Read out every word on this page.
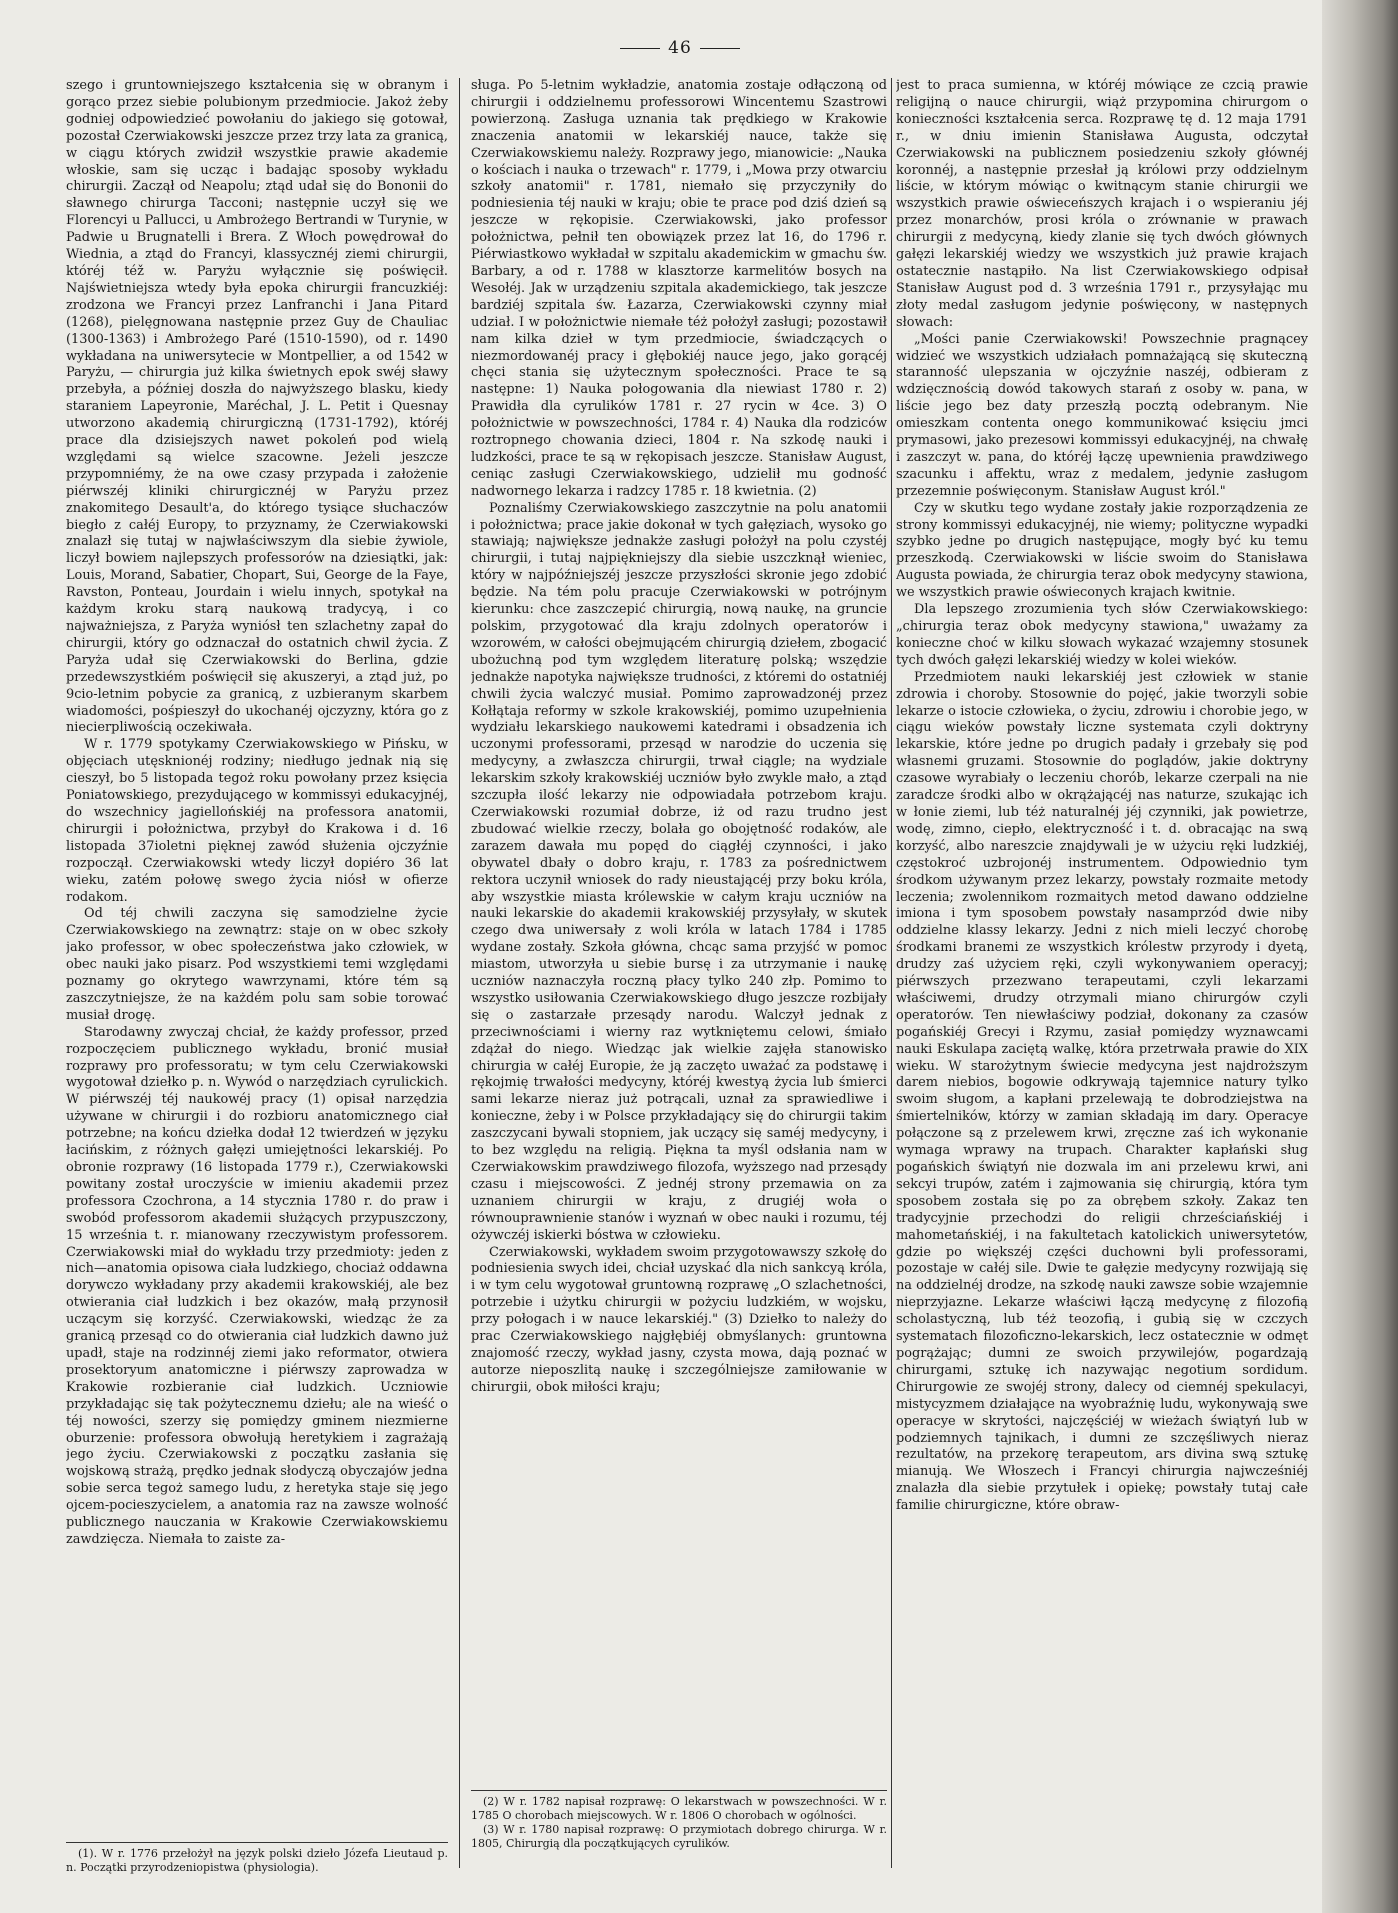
46

szego i gruntowniejszego kształcenia się w obranym i gorąco przez siebie polubionym przedmiocie. Jakoż żeby godniej odpowiedzieć powołaniu do jakiego się gotował, pozostał Czerwiakowski jeszcze przez trzy lata za granicą, w ciągu których zwidził wszystkie prawie akademie włoskie, sam się ucząc i badając sposoby wykładu chirurgii. Zaczął od Neapolu; ztąd udał się do Bononii do sławnego chirurga Tacconi; następnie uczył się we Florencyi u Pallucci, u Ambrożego Bertrandi w Turynie, w Padwie u Brugnatelli i Brera. Z Włoch powędrował do Wiednia, a ztąd do Francyi, klassycznéj ziemi chirurgii, któréj též w. Paryżu wyłącznie się poświęcił. Najświetniejsza wtedy była epoka chirurgii francuzkiéj: zrodzona we Francyi przez Lanfranchi i Jana Pitard (1268), pielęgnowana następnie przez Guy de Chauliac (1300-1363) i Ambrożego Paré (1510-1590), od r. 1490 wykładana na uniwersytecie w Montpellier, a od 1542 w Paryżu, — chirurgia już kilka świetnych epok swéj sławy przebyła, a później doszła do najwyższego blasku, kiedy staraniem Lapeyronie, Maréchal, J. L. Petit i Quesnay utworzono akademią chirurgiczną (1731-1792), któréj prace dla dzisiejszych nawet pokoleń pod wielą względami są wielce szacowne. Jeżeli jeszcze przypomniémy, że na owe czasy przypada i założenie piérwszéj kliniki chirurgicznéj w Paryżu przez znakomitego Desault'a, do którego tysiące słuchaczów biegło z całéj Europy, to przyznamy, że Czerwiakowski znalazł się tutaj w najwłaściwszym dla siebie żywiole, liczył bowiem najlepszych professorów na dziesiątki, jak: Louis, Morand, Sabatier, Chopart, Sui, George de la Faye, Ravston, Ponteau, Jourdain i wielu innych, spotykał na każdym kroku starą naukową tradycyą, i co najważniejsza, z Paryża wyniósł ten szlachetny zapał do chirurgii, który go odznaczał do ostatnich chwil życia. Z Paryża udał się Czerwiakowski do Berlina, gdzie przedewszystkiém poświęcił się akuszeryi, a ztąd już, po 9cio-letnim pobycie za granicą, z uzbieranym skarbem wiadomości, pośpieszył do ukochanéj ojczyzny, która go z niecierpliwością oczekiwała.

W r. 1779 spotykamy Czerwiakowskiego w Pińsku, w objęciach utęsknionéj rodziny; niedługo jednak nią się cieszył, bo 5 listopada tegoż roku powołany przez księcia Poniatowskiego, prezydującego w kommissyi edukacyjnéj, do wszechnicy jagiellońskiéj na professora anatomii, chirurgii i położnictwa, przybył do Krakowa i d. 16 listopada 37ioletni pięknej zawód służenia ojczyźnie rozpoczął. Czerwiakowski wtedy liczył dopiéro 36 lat wieku, zatém połowę swego życia niósł w ofierze rodakom.

Od téj chwili zaczyna się samodzielne życie Czerwiakowskiego na zewnątrz: staje on w obec szkoły jako professor, w obec społeczeństwa jako człowiek, w obec nauki jako pisarz. Pod wszystkiemi temi względami poznamy go okrytego wawrzynami, które tém są zaszczytniejsze, że na każdém polu sam sobie torować musiał drogę.

Starodawny zwyczaj chciał, że każdy professor, przed rozpoczęciem publicznego wykładu, bronić musiał rozprawy pro professoratu; w tym celu Czerwiakowski wygotował dziełko p. n. Wywód o narzędziach cyrulickich. W piérwszéj téj naukowéj pracy (1) opisał narzędzia używane w chirurgii i do rozbioru anatomicznego ciał potrzebne; na końcu dziełka dodał 12 twierdzeń w języku łacińskim, z różnych gałęzi umiejętności lekarskiéj. Po obronie rozprawy (16 listopada 1779 r.), Czerwiakowski powitany został uroczyście w imieniu akademii przez professora Czochrona, a 14 stycznia 1780 r. do praw i swobód professorom akademii służących przypuszczony, 15 września t. r. mianowany rzeczywistym professorem. Czerwiakowski miał do wykładu trzy przedmioty: jeden z nich—anatomia opisowa ciała ludzkiego, chociaż oddawna dorywczo wykładany przy akademii krakowskiéj, ale bez otwierania ciał ludzkich i bez okazów, małą przynosił uczącym się korzyść. Czerwiakowski, wiedząc że za granicą przesąd co do otwierania ciał ludzkich dawno już upadł, staje na rodzinnéj ziemi jako reformator, otwiera prosektoryum anatomiczne i piérwszy zaprowadza w Krakowie rozbieranie ciał ludzkich. Uczniowie przykładając się tak pożytecznemu dziełu; ale na wieść o téj nowości, szerzy się pomiędzy gminem niezmierne oburzenie: professora obwołują heretykiem i zagrażają jego życiu. Czerwiakowski z początku zasłania się wojskową strażą, prędko jednak słodyczą obyczajów jedna sobie serca tegoż samego ludu, z heretyka staje się jego ojcem-pocieszycielem, a anatomia raz na zawsze wolność publicznego nauczania w Krakowie Czerwiakowskiemu zawdzięcza. Niemała to zaiste za-

sługa. Po 5-letnim wykładzie, anatomia zostaje odłączoną od chirurgii i oddzielnemu professorowi Wincentemu Szastrowi powierzoną. Zasługa uznania tak prędkiego w Krakowie znaczenia anatomii w lekarskiéj nauce, także się Czerwiakowskiemu należy. Rozprawy jego, mianowicie: „Nauka o kościach i nauka o trzewach" r. 1779, i „Mowa przy otwarciu szkoły anatomii" r. 1781, niemało się przyczyniły do podniesienia téj nauki w kraju; obie te prace pod dziś dzień są jeszcze w rękopisie. Czerwiakowski, jako professor położnictwa, pełnił ten obowiązek przez lat 16, do 1796 r. Piérwiastkowo wykładał w szpitalu akademickim w gmachu św. Barbary, a od r. 1788 w klasztorze karmelitów bosych na Wesołéj. Jak w urządzeniu szpitala akademickiego, tak jeszcze bardziéj szpitala św. Łazarza, Czerwiakowski czynny miał udział. I w położnictwie niemałe téż położył zasługi; pozostawił nam kilka dzieł w tym przedmiocie, świadczących o niezmordowanéj pracy i głębokiéj nauce jego, jako gorącéj chęci stania się użytecznym społeczności. Prace te są następne: 1) Nauka połogowania dla niewiast 1780 r. 2) Prawidła dla cyrulików 1781 r. 27 rycin w 4ce. 3) O położnictwie w powszechności, 1784 r. 4) Nauka dla rodziców roztropnego chowania dzieci, 1804 r. Na szkodę nauki i ludzkości, prace te są w rękopisach jeszcze. Stanisław August, ceniąc zasługi Czerwiakowskiego, udzielił mu godność nadwornego lekarza i radzcy 1785 r. 18 kwietnia. (2)

Poznaliśmy Czerwiakowskiego zaszczytnie na polu anatomii i położnictwa; prace jakie dokonał w tych gałęziach, wysoko go stawiają; największe jednakże zasługi położył na polu czystéj chirurgii, i tutaj najpiękniejszy dla siebie uszczknął wieniec, który w najpóźniejszéj jeszcze przyszłości skronie jego zdobić będzie. Na tém polu pracuje Czerwiakowski w potrójnym kierunku: chce zaszczepić chirurgią, nową naukę, na gruncie polskim, przygotować dla kraju zdolnych operatorów i wzorowém, w całości obejmującém chirurgią dziełem, zbogacić ubożuchną pod tym względem literaturę polską; wszędzie jednakże napotyka największe trudności, z któremi do ostatniéj chwili życia walczyć musiał. Pomimo zaprowadzonéj przez Kołłątaja reformy w szkole krakowskiéj, pomimo uzupełnienia wydziału lekarskiego naukowemi katedrami i obsadzenia ich uczonymi professorami, przesąd w narodzie do uczenia się medycyny, a zwłaszcza chirurgii, trwał ciągle; na wydziale lekarskim szkoły krakowskiéj uczniów było zwykle mało, a ztąd szczupła ilość lekarzy nie odpowiadała potrzebom kraju. Czerwiakowski rozumiał dobrze, iż od razu trudno jest zbudować wielkie rzeczy, bolała go obojętność rodaków, ale zarazem dawała mu popęd do ciągłéj czynności, i jako obywatel dbały o dobro kraju, r. 1783 za pośrednictwem rektora uczynił wniosek do rady nieustającéj przy boku króla, aby wszystkie miasta królewskie w całym kraju uczniów na nauki lekarskie do akademii krakowskiéj przysyłały, w skutek czego dwa uniwersały z woli króla w latach 1784 i 1785 wydane zostały. Szkoła główna, chcąc sama przyjść w pomoc miastom, utworzyła u siebie bursę i za utrzymanie i naukę uczniów naznaczyła roczną płacy tylko 240 złp. Pomimo to wszystko usiłowania Czerwiakowskiego długo jeszcze rozbijały się o zastarzałe przesądy narodu. Walczył jednak z przeciwnościami i wierny raz wytkniętemu celowi, śmiało zdążał do niego. Wiedząc jak wielkie zajęła stanowisko chirurgia w całéj Europie, że ją zaczęto uważać za podstawę i rękojmię trwałości medycyny, któréj kwestyą życia lub śmierci sami lekarze nieraz już potrącali, uznał za sprawiedliwe i konieczne, żeby i w Polsce przykładający się do chirurgii takim zaszczycani bywali stopniem, jak uczący się saméj medycyny, i to bez względu na religią. Piękna ta myśl odsłania nam w Czerwiakowskim prawdziwego filozofa, wyższego nad przesądy czasu i miejscowości. Z jednéj strony przemawia on za uznaniem chirurgii w kraju, z drugiéj woła o równouprawnienie stanów i wyznań w obec nauki i rozumu, téj ożywczéj iskierki bóstwa w człowieku.

Czerwiakowski, wykładem swoim przygotowawszy szkołę do podniesienia swych idei, chciał uzyskać dla nich sankcyą króla, i w tym celu wygotował gruntowną rozprawę „O szlachetności, potrzebie i użytku chirurgii w pożyciu ludzkiém, w wojsku, przy połogach i w nauce lekarskiéj." (3) Dziełko to należy do prac Czerwiakowskiego najgłębiéj obmyślanych: gruntowna znajomość rzeczy, wykład jasny, czysta mowa, dają poznać w autorze nieposzlitą naukę i szczególniejsze zamiłowanie w chirurgii, obok miłości kraju;

jest to praca sumienna, w któréj mówiące ze czcią prawie religijną o nauce chirurgii, wiąż przypomina chirurgom o konieczności kształcenia serca. Rozprawę tę d. 12 maja 1791 r., w dniu imienin Stanisława Augusta, odczytał Czerwiakowski na publicznem posiedzeniu szkoły głównéj koronnéj, a następnie przesłał ją królowi przy oddzielnym liście, w którym mówiąc o kwitnącym stanie chirurgii we wszystkich prawie oświeceńszych krajach i o wspieraniu jéj przez monarchów, prosi króla o zrównanie w prawach chirurgii z medycyną, kiedy zlanie się tych dwóch głównych gałęzi lekarskiéj wiedzy we wszystkich już prawie krajach ostatecznie nastąpiło. Na list Czerwiakowskiego odpisał Stanisław August pod d. 3 września 1791 r., przysyłając mu złoty medal zasługom jedynie poświęcony, w następnych słowach:

„Mości panie Czerwiakowski! Powszechnie pragnącey widzieć we wszystkich udziałach pomnażającą się skuteczną staranność ulepszania w ojczyźnie naszéj, odbieram z wdzięcznością dowód takowych starań z osoby w. pana, w liście jego bez daty przeszłą pocztą odebranym. Nie omieszkam contenta onego kommunikować księciu jmci prymasowi, jako prezesowi kommissyi edukacyjnéj, na chwałę i zaszczyt w. pana, do któréj łączę upewnienia prawdziwego szacunku i affektu, wraz z medalem, jedynie zasługom przezemnie poświęconym. Stanisław August król."

Czy w skutku tego wydane zostały jakie rozporządzenia ze strony kommissyi edukacyjnéj, nie wiemy; polityczne wypadki szybko jedne po drugich następujące, mogły być ku temu przeszkodą. Czerwiakowski w liście swoim do Stanisława Augusta powiada, że chirurgia teraz obok medycyny stawiona, we wszystkich prawie oświeconych krajach kwitnie.

Dla lepszego zrozumienia tych słów Czerwiakowskiego: „chirurgia teraz obok medycyny stawiona," uważamy za konieczne choć w kilku słowach wykazać wzajemny stosunek tych dwóch gałęzi lekarskiéj wiedzy w kolei wieków.

Przedmiotem nauki lekarskiéj jest człowiek w stanie zdrowia i choroby. Stosownie do pojęć, jakie tworzyli sobie lekarze o istocie człowieka, o życiu, zdrowiu i chorobie jego, w ciągu wieków powstały liczne systemata czyli doktryny lekarskie, które jedne po drugich padały i grzebały się pod własnemi gruzami. Stosownie do poglądów, jakie doktryny czasowe wyrabiały o leczeniu chorób, lekarze czerpali na nie zaradcze środki albo w okrążającéj nas naturze, szukając ich w łonie ziemi, lub téż naturalnéj jéj czynniki, jak powietrze, wodę, zimno, ciepło, elektryczność i t. d. obracając na swą korzyść, albo nareszcie znajdywali je w użyciu ręki ludzkiéj, częstokroć uzbrojonéj instrumentem. Odpowiednio tym środkom używanym przez lekarzy, powstały rozmaite metody leczenia; zwolennikom rozmaitych metod dawano oddzielne imiona i tym sposobem powstały nasamprzód dwie niby oddzielne klassy lekarzy. Jedni z nich mieli leczyć chorobę środkami branemi ze wszystkich królestw przyrody i dyetą, drudzy zaś użyciem ręki, czyli wykonywaniem operacyj; piérwszych przezwano terapeutami, czyli lekarzami właściwemi, drudzy otrzymali miano chirurgów czyli operatorów. Ten niewłaściwy podział, dokonany za czasów pogańskiéj Grecyi i Rzymu, zasiał pomiędzy wyznawcami nauki Eskulapa zaciętą walkę, która przetrwała prawie do XIX wieku. W starożytnym świecie medycyna jest najdroższym darem niebios, bogowie odkrywają tajemnice natury tylko swoim sługom, a kapłani przelewają te dobrodziejstwa na śmiertelników, którzy w zamian składają im dary. Operacye połączone są z przelewem krwi, zręczne zaś ich wykonanie wymaga wprawy na trupach. Charakter kapłański sług pogańskich świątyń nie dozwala im ani przelewu krwi, ani sekcyi trupów, zatém i zajmowania się chirurgią, która tym sposobem została się po za obrębem szkoły. Zakaz ten tradycyjnie przechodzi do religii chrześciańskiéj i mahometańskiéj, i na fakultetach katolickich uniwersytetów, gdzie po większéj części duchowni byli professorami, pozostaje w całéj sile. Dwie te gałęzie medycyny rozwijają się na oddzielnéj drodze, na szkodę nauki zawsze sobie wzajemnie nieprzyjazne. Lekarze właściwi łączą medycynę z filozofią scholastyczną, lub téż teozofią, i gubią się w czczych systematach filozoficzno-lekarskich, lecz ostatecznie w odmęt pogrążając; dumni ze swoich przywilejów, pogardzają chirurgami, sztukę ich nazywając negotium sordidum. Chirurgowie ze swojéj strony, dalecy od ciemnéj spekulacyi, mistycyzmem działające na wyobraźnię ludu, wykonywają swe operacye w skrytości, najczęściéj w wieżach świątyń lub w podziemnych tajnikach, i dumni ze szczęśliwych nieraz rezultatów, na przekorę terapeutom, ars divina swą sztukę mianują. We Włoszech i Francyi chirurgia najwcześniéj znalazła dla siebie przytułek i opiekę; powstały tutaj całe familie chirurgiczne, które obraw-

(1). W r. 1776 przełożył na język polski dzieło Józefa Lieutaud p. n. Początki przyrodzeniopistwa (physiologia).

(2) W r. 1782 napisał rozprawę: O lekarstwach w powszechności. W r. 1785 O chorobach miejscowych. W r. 1806 O chorobach w ogólności.

(3) W r. 1780 napisał rozprawę: O przymiotach dobrego chirurga. W r. 1805, Chirurgią dla początkujących cyrulików.
